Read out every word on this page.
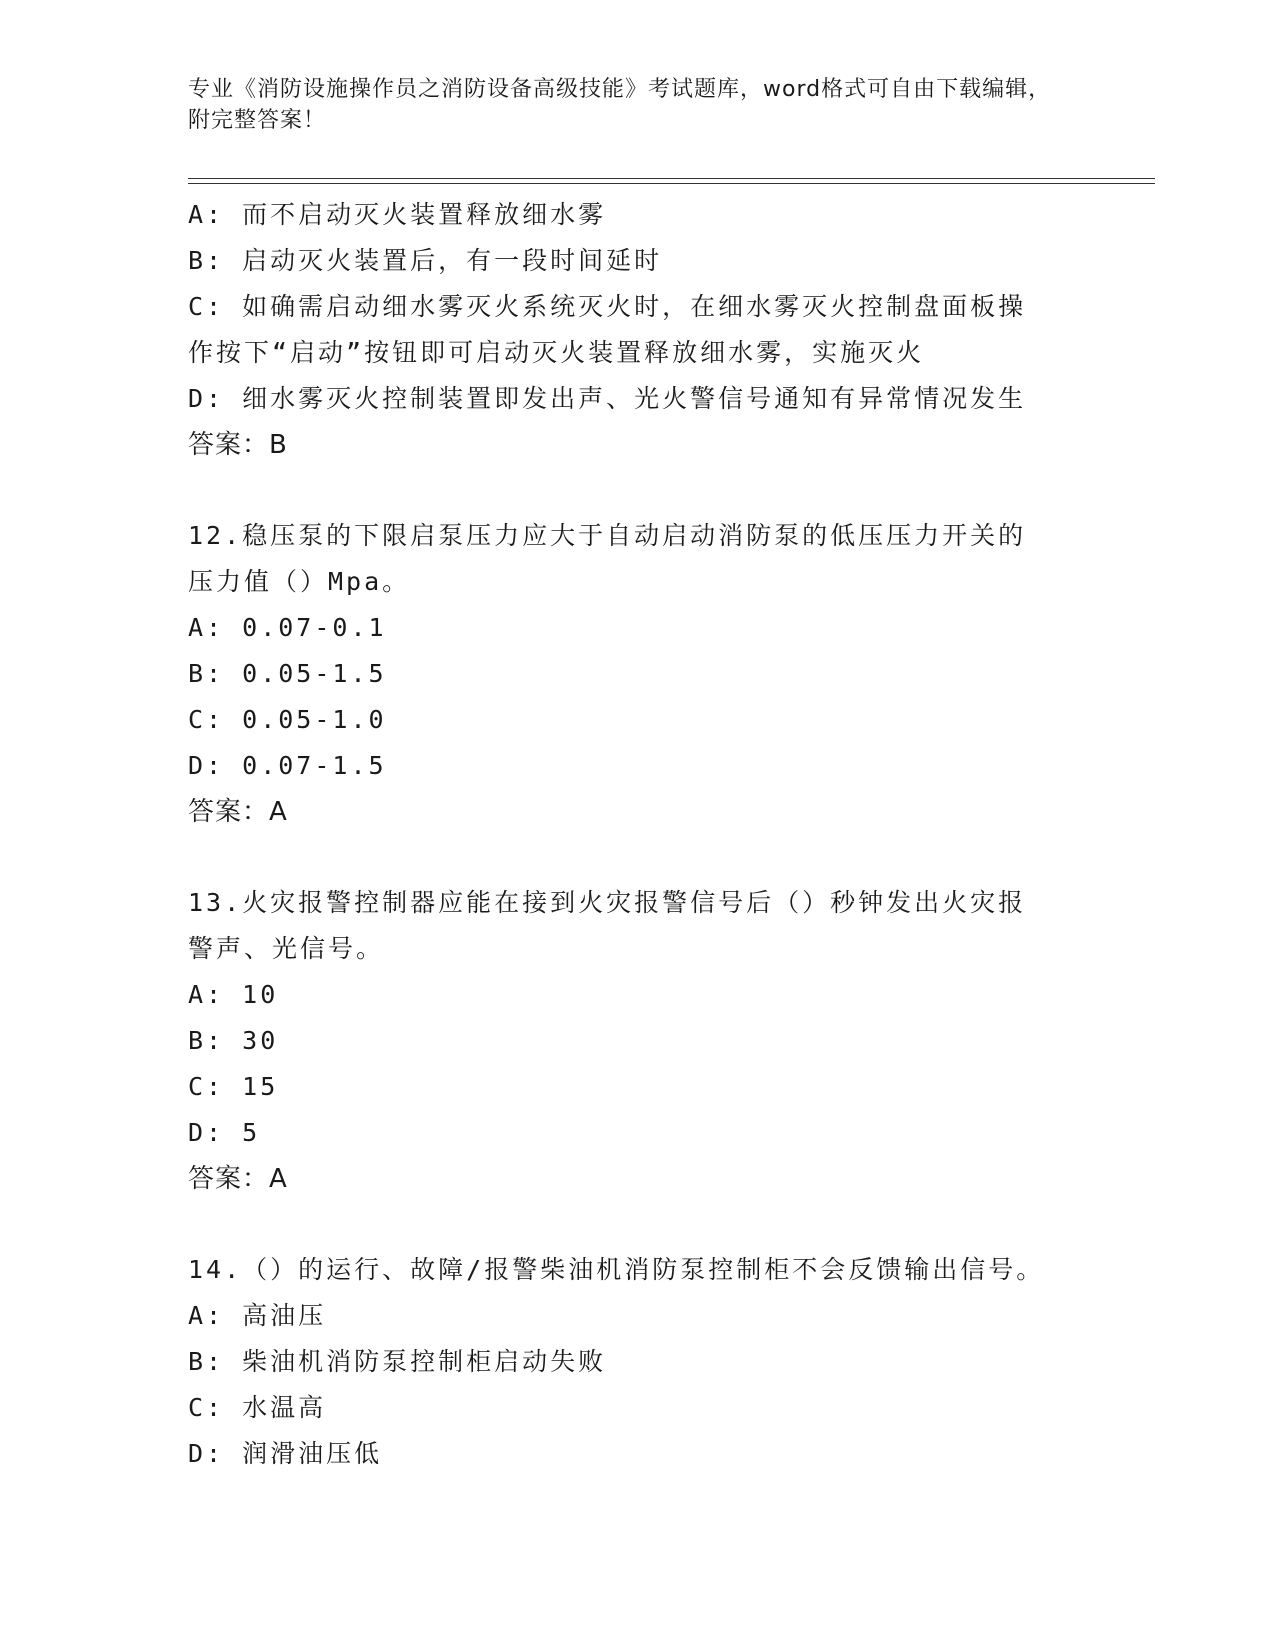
专业《消防设施操作员之消防设备高级技能》考试题库，word格式可自由下载编辑，附完整答案！
A: 而不启动灭火装置释放细水雾
B: 启动灭火装置后，有一段时间延时
C: 如确需启动细水雾灭火系统灭火时，在细水雾灭火控制盘面板操作按下“启动”按钮即可启动灭火装置释放细水雾，实施灭火
D: 细水雾灭火控制装置即发出声、光火警信号通知有异常情况发生
答案：B
12.稳压泵的下限启泵压力应大于自动启动消防泵的低压压力开关的压力值（）Mpa。
A: 0.07-0.1
B: 0.05-1.5
C: 0.05-1.0
D: 0.07-1.5
答案：A
13.火灾报警控制器应能在接到火灾报警信号后（）秒钟发出火灾报警声、光信号。
A: 10
B: 30
C: 15
D: 5
答案：A
14.（）的运行、故障/报警柴油机消防泵控制柜不会反馈输出信号。
A: 高油压
B: 柴油机消防泵控制柜启动失败
C: 水温高
D: 润滑油压低
